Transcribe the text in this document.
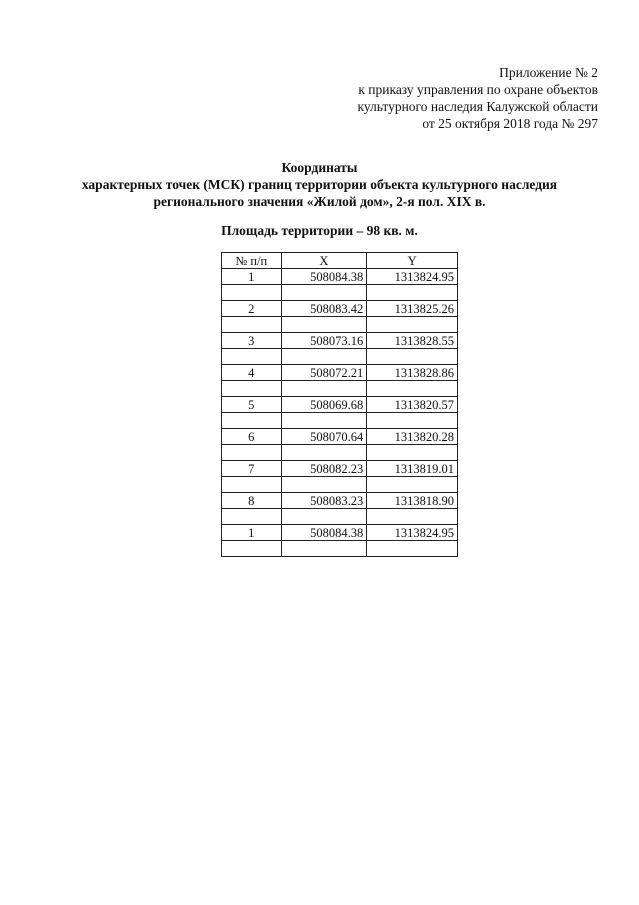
Приложение № 2
к приказу управления по охране объектов
культурного наследия Калужской области
от 25 октября 2018 года № 297
Координаты
характерных точек (МСК) границ территории объекта культурного наследия
регионального значения «Жилой дом», 2-я пол. XIX в.
Площадь территории – 98 кв. м.
№ п/п	X	Y
1	508084.38	1313824.95

2	508083.42	1313825.26

3	508073.16	1313828.55

4	508072.21	1313828.86

5	508069.68	1313820.57

6	508070.64	1313820.28

7	508082.23	1313819.01

8	508083.23	1313818.90

1	508084.38	1313824.95
